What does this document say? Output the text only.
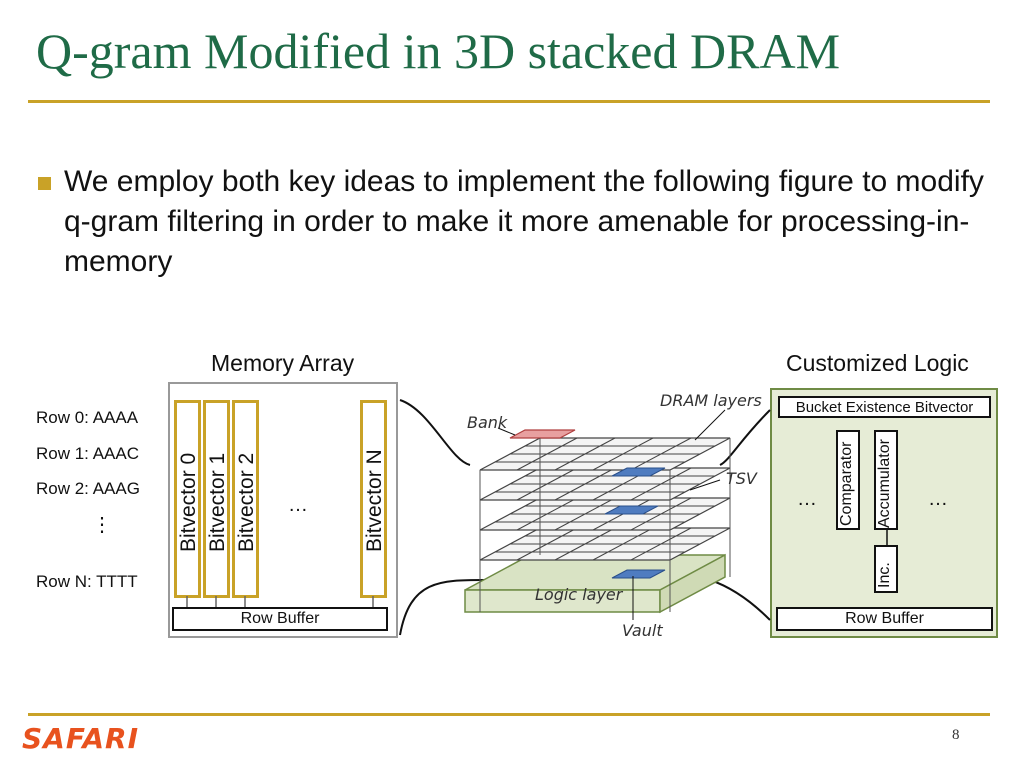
Q-gram Modified in 3D stacked DRAM
We employ both key ideas to implement the following figure to modify q-gram filtering in order to make it more amenable for processing-in-memory
Memory Array	Customized Logic
Row 0: AAAA
Row 1: AAAC
Row 2: AAAG
⋮
Row N: TTTT
Bitvector 0 Bitvector 1 Bitvector 2	Bitvector N
…
Row Buffer
Bucket Existence Bitvector
Comparator Accumulator
Inc.
…	…
Row Buffer
DRAM layers
Bank
TSV
Logic layer
Vault
SAFARI	8
